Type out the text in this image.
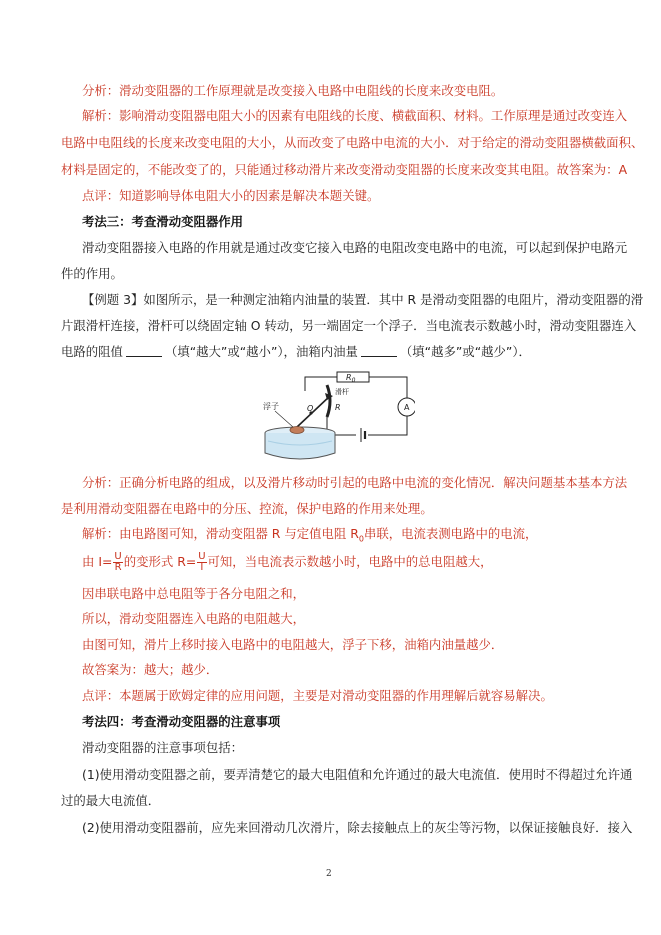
分析：滑动变阻器的工作原理就是改变接入电路中电阻线的长度来改变电阻。
解析：影响滑动变阻器电阻大小的因素有电阻线的长度、横截面积、材料。工作原理是通过改变连入
电路中电阻线的长度来改变电阻的大小，从而改变了电路中电流的大小．对于给定的滑动变阻器横截面积、
材料是固定的，不能改变了的，只能通过移动滑片来改变滑动变阻器的长度来改变其电阻。故答案为：A
点评：知道影响导体电阻大小的因素是解决本题关键。
考法三：考查滑动变阻器作用
滑动变阻器接入电路的作用就是通过改变它接入电路的电阻改变电路中的电流，可以起到保护电路元
件的作用。
【例题 3】如图所示，是一种测定油箱内油量的装置．其中 R 是滑动变阻器的电阻片，滑动变阻器的滑
片跟滑杆连接，滑杆可以绕固定轴 O 转动，另一端固定一个浮子．当电流表示数越小时，滑动变阻器连入
电路的阻值	（填“越大”或“越小”），油箱内油量	（填“越多”或“越少”）．
浮子
滑杆
O	R
$R_0$
A
分析：正确分析电路的组成，以及滑片移动时引起的电路中电流的变化情况．解决问题基本基本方法
是利用滑动变阻器在电路中的分压、控流，保护电路的作用来处理。
解析：由电路图可知，滑动变阻器 R 与定值电阻 $R_0$串联，电流表测电路中的电流，
由 $I= \frac{U}{R}$ 的变形式 $R= \frac{U}{I}$ 可知，当电流表示数越小时，电路中的总电阻越大，
因串联电路中总电阻等于各分电阻之和，
所以，滑动变阻器连入电路的电阻越大，
由图可知，滑片上移时接入电路中的电阻越大，浮子下移，油箱内油量越少．
故答案为：越大；越少．
点评：本题属于欧姆定律的应用问题，主要是对滑动变阻器的作用理解后就容易解决。
考法四：考查滑动变阻器的注意事项
滑动变阻器的注意事项包括：
(1)使用滑动变阻器之前，要弄清楚它的最大电阻值和允许通过的最大电流值．使用时不得超过允许通
过的最大电流值．
(2)使用滑动变阻器前，应先来回滑动几次滑片，除去接触点上的灰尘等污物，以保证接触良好．接入
2
